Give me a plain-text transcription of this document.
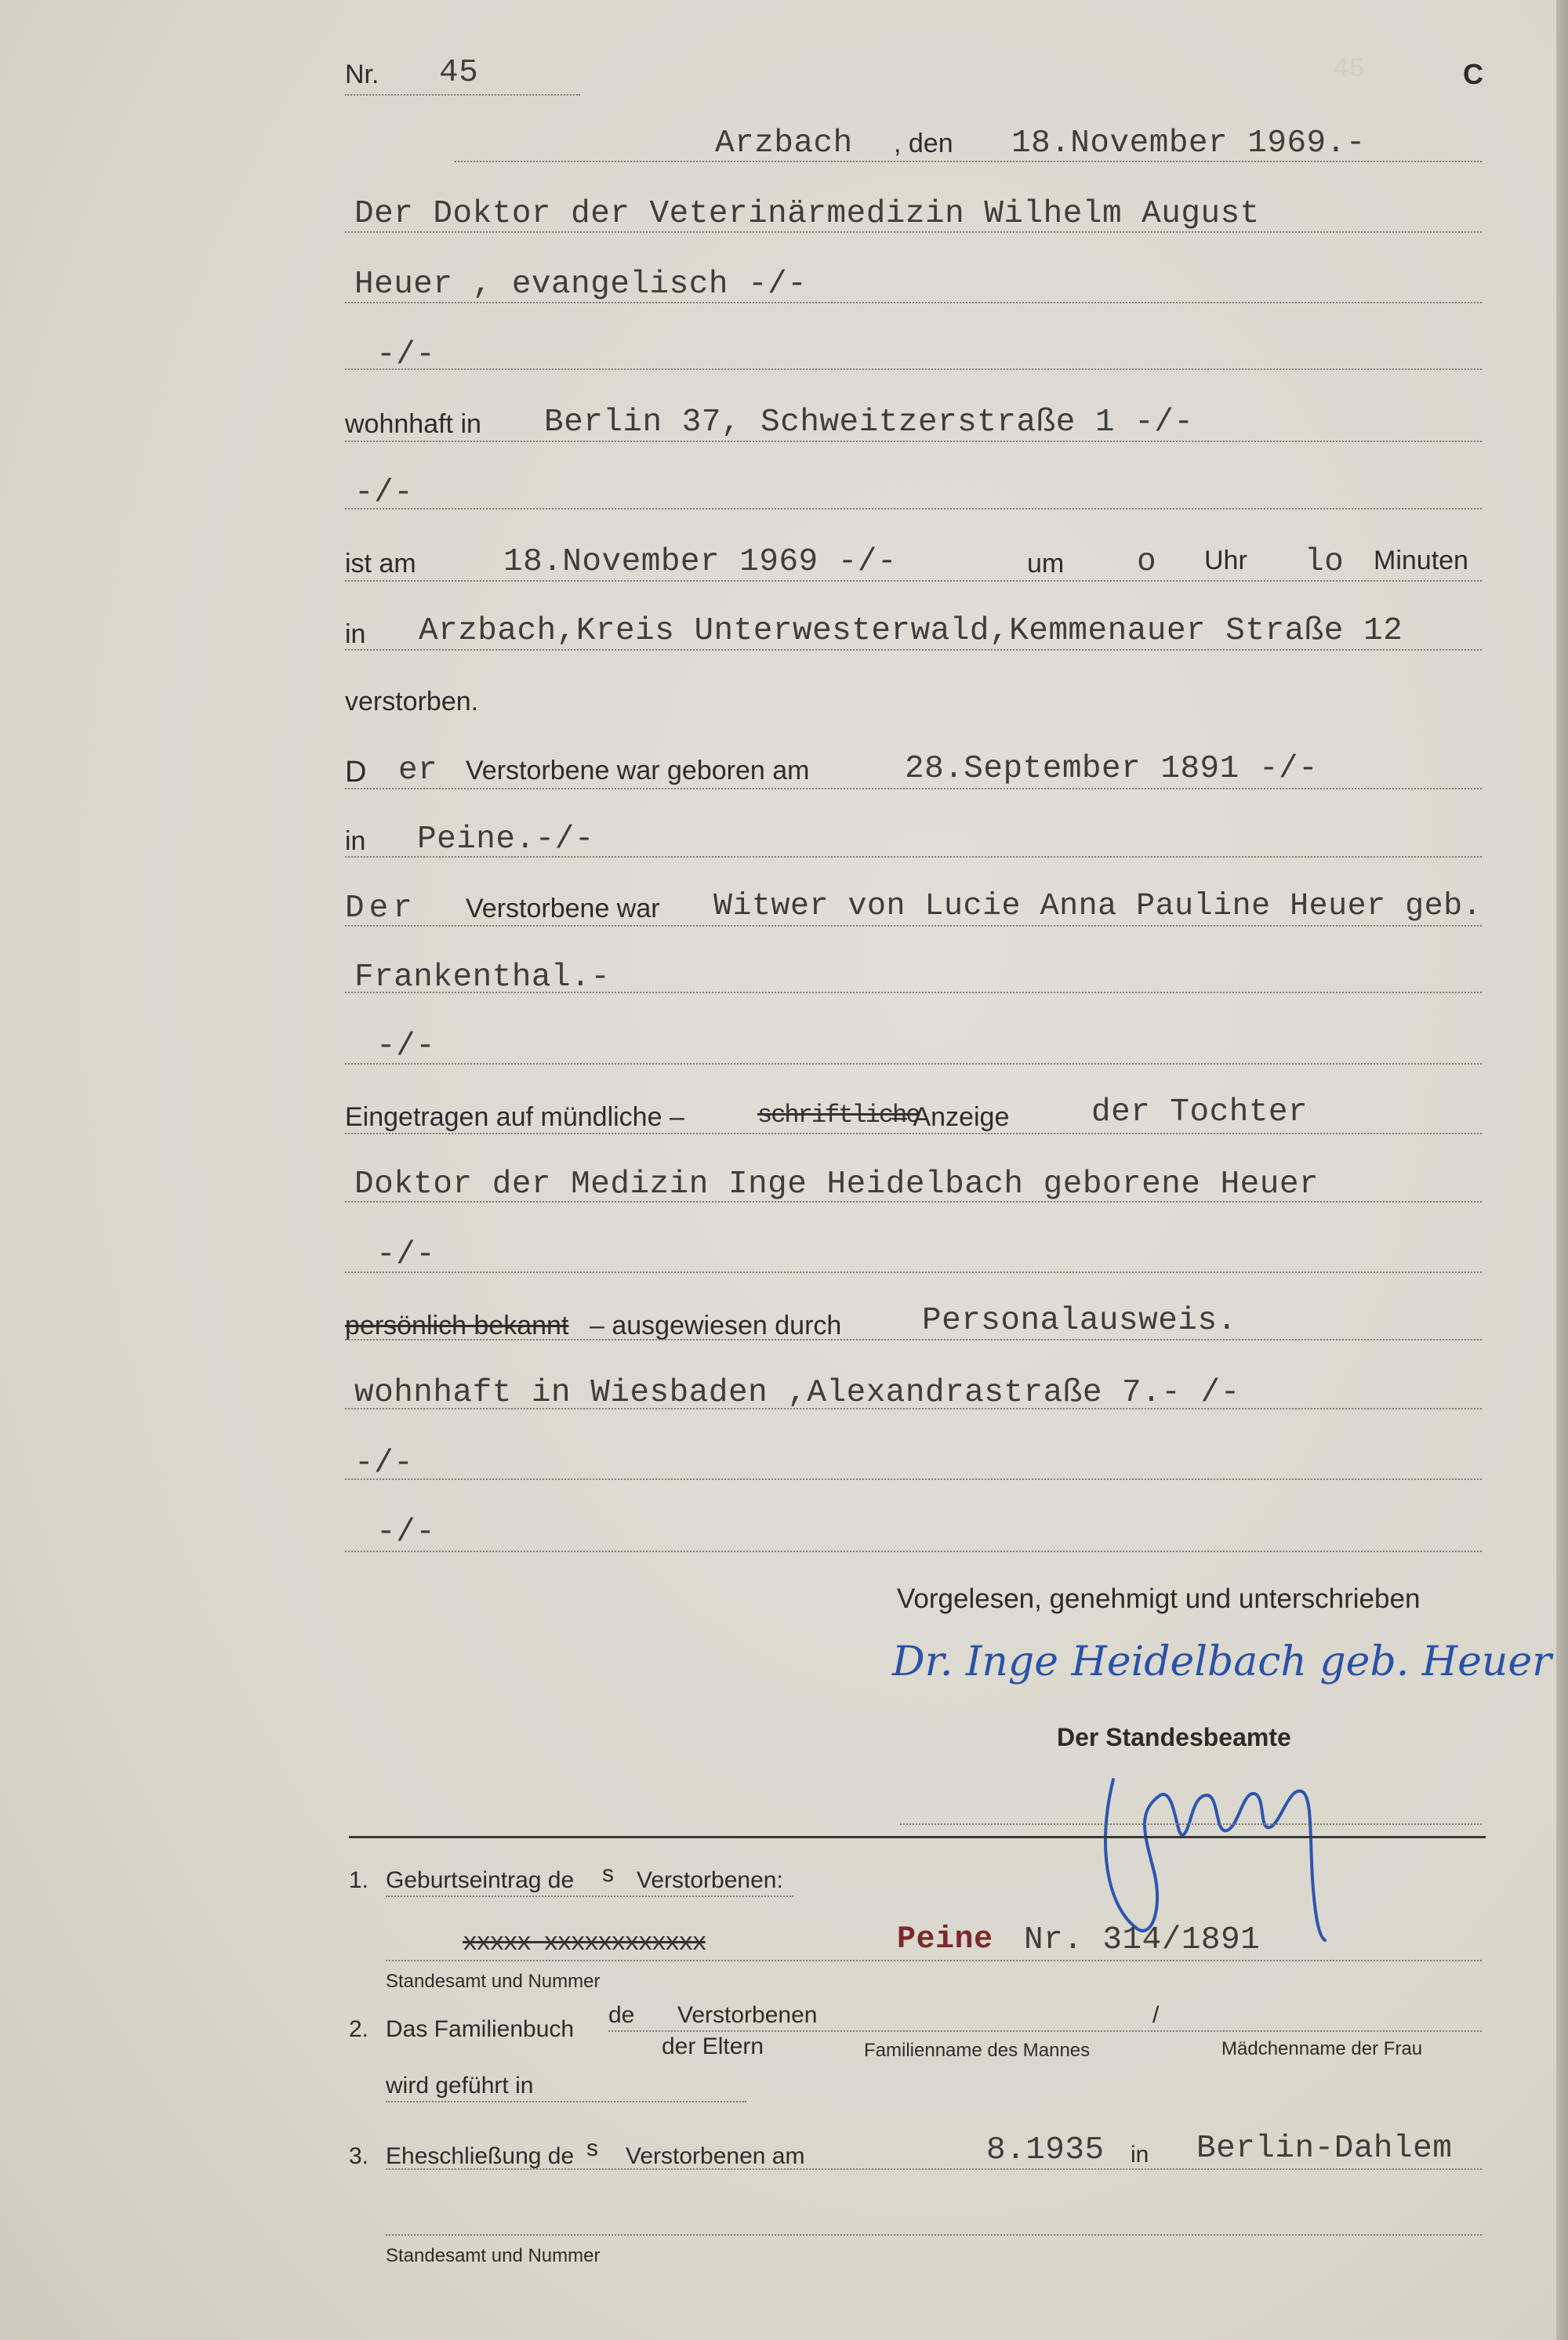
45
Nr. 45	C
Arzbach , den 18.November 1969.-
Der Doktor der Veterinärmedizin Wilhelm August
Heuer , evangelisch -/-
-/-
wohnhaft in Berlin 37, Schweitzerstraße 1 -/-
-/-
ist am	18.November 1969 -/-	um o Uhr lo Minuten
in Arzbach,Kreis Unterwesterwald,Kemmenauer Straße 12
verstorben.
D er Verstorbene war geboren am	28.September 1891 -/-
in Peine.-/-
Der Verstorbene war Witwer von Lucie Anna Pauline Heuer geb.
Frankenthal.-
-/-
Eingetragen auf mündliche –	schriftliche
– Anzeige	der Tochter
Doktor der Medizin Inge Heidelbach geborene Heuer
-/-
persönlich bekannt – ausgewiesen durch	Personalausweis.
wohnhaft in Wiesbaden ,Alexandrastraße 7.- /-
-/-
-/-
Vorgelesen, genehmigt und unterschrieben
Dr. Inge Heidelbach geb. Heuer
Der Standesbeamte
1. Geburtseintrag de s Verstorbenen:
xxxxx xxxxxxxxxxxx	Peine Nr. 314/1891
Standesamt und Nummer
2. Das Familienbuch
de Verstorbenen	/
der Eltern	Familienname des Mannes	Mädchenname der Frau
wird geführt in
3. Eheschließung de s Verstorbenen am	8.1935 in Berlin-Dahlem
Standesamt und Nummer
